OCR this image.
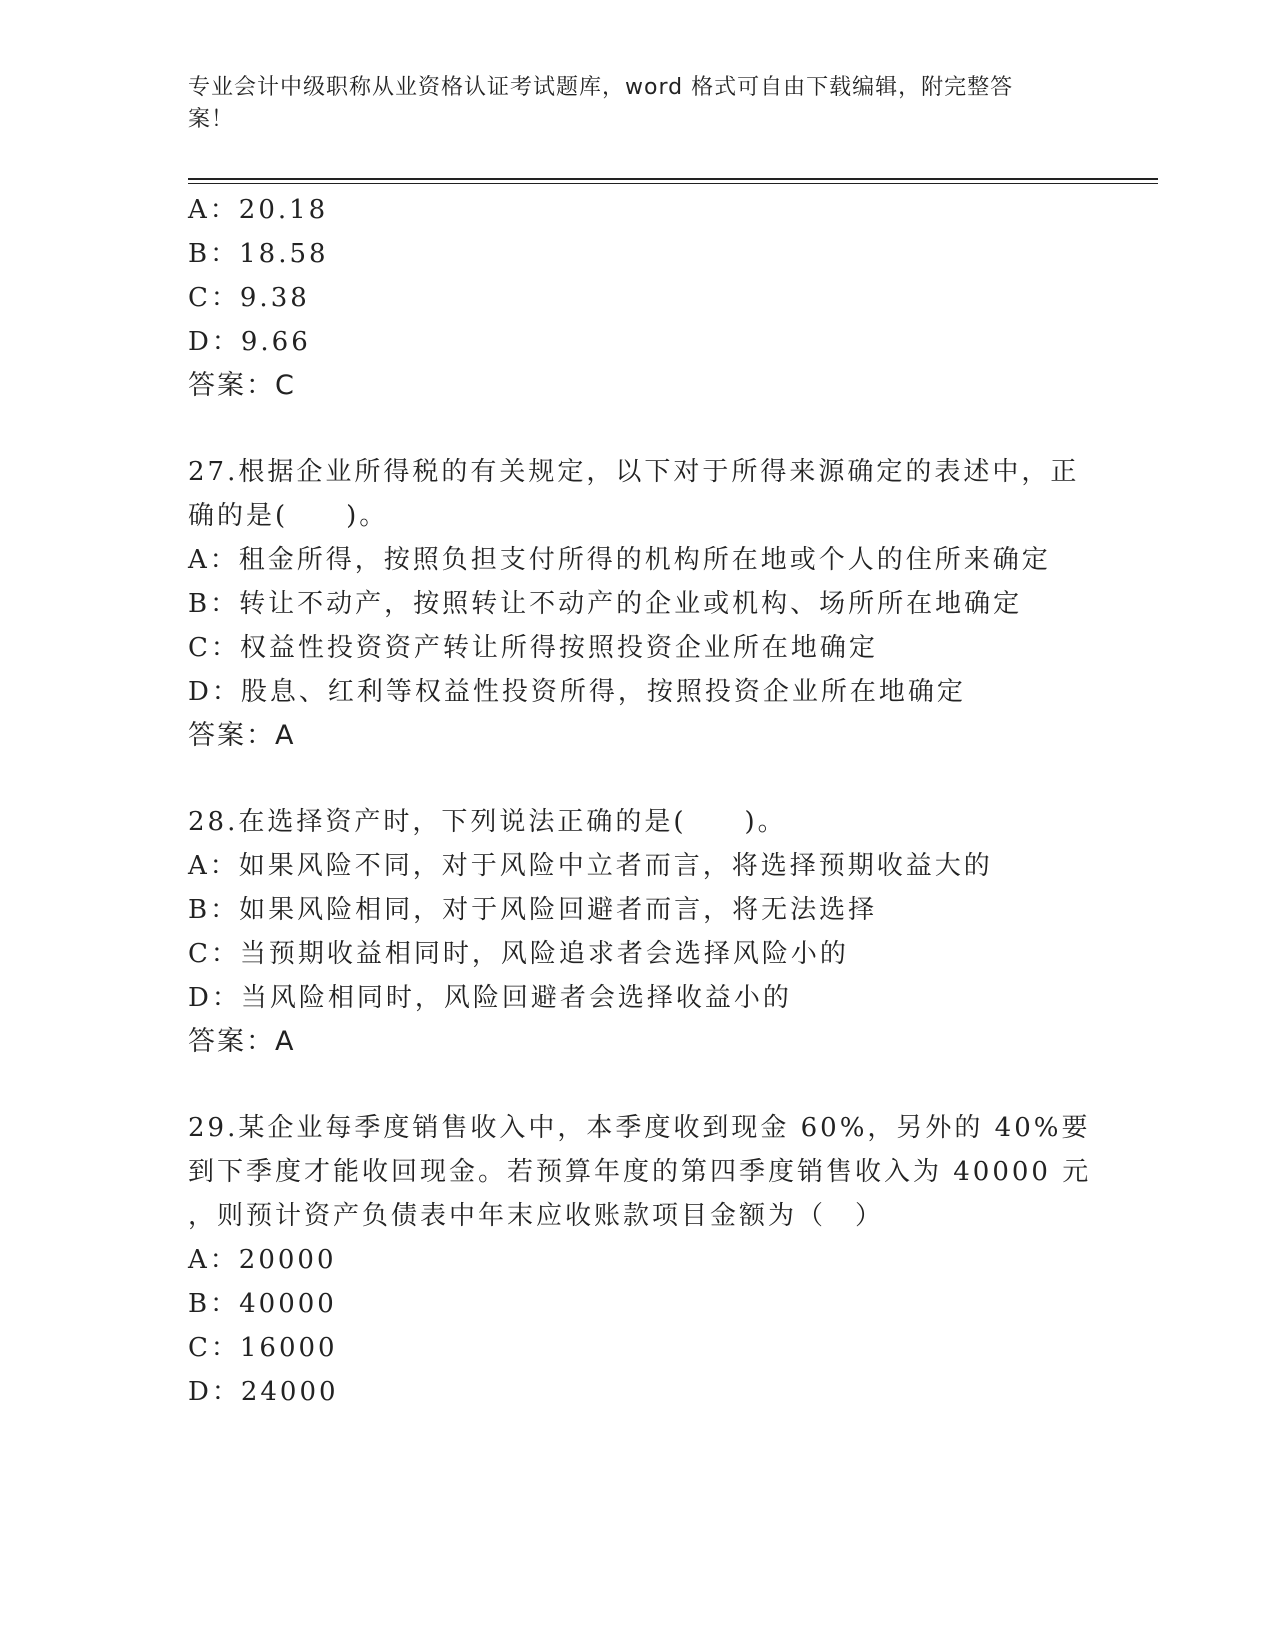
专业会计中级职称从业资格认证考试题库，word 格式可自由下载编辑，附完整答
案！
A：20.18
B：18.58
C：9.38
D：9.66
答案：C
27.根据企业所得税的有关规定，以下对于所得来源确定的表述中，正
确的是(　　)。
A：租金所得，按照负担支付所得的机构所在地或个人的住所来确定
B：转让不动产，按照转让不动产的企业或机构、场所所在地确定
C：权益性投资资产转让所得按照投资企业所在地确定
D：股息、红利等权益性投资所得，按照投资企业所在地确定
答案：A
28.在选择资产时，下列说法正确的是(　　)。
A：如果风险不同，对于风险中立者而言，将选择预期收益大的
B：如果风险相同，对于风险回避者而言，将无法选择
C：当预期收益相同时，风险追求者会选择风险小的
D：当风险相同时，风险回避者会选择收益小的
答案：A
29.某企业每季度销售收入中，本季度收到现金 60%，另外的 40%要
到下季度才能收回现金。若预算年度的第四季度销售收入为 40000 元
，则预计资产负债表中年末应收账款项目金额为（　）
A：20000
B：40000
C：16000
D：24000
